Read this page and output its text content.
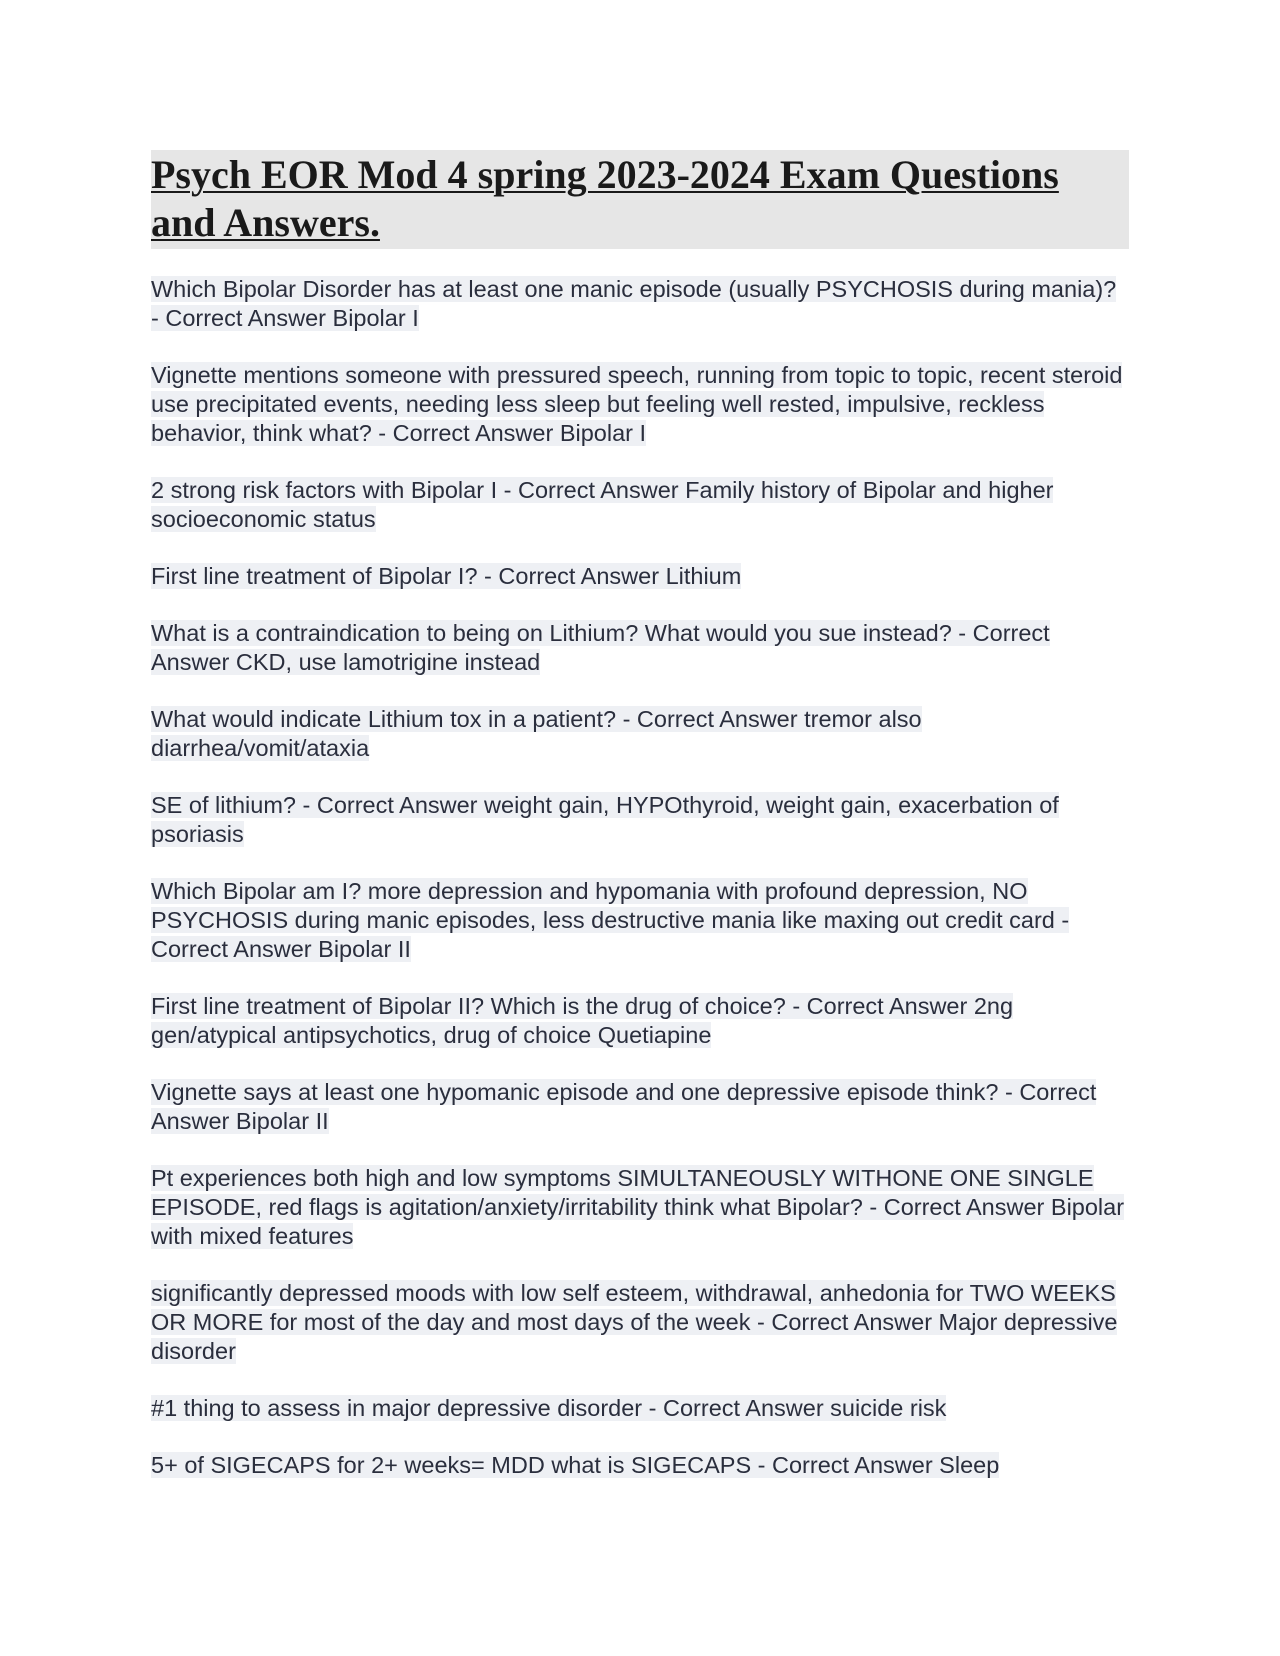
Psych EOR Mod 4 spring 2023-2024 Exam Questions and Answers.
Which Bipolar Disorder has at least one manic episode (usually PSYCHOSIS during mania)? - Correct Answer Bipolar I
Vignette mentions someone with pressured speech, running from topic to topic, recent steroid use precipitated events, needing less sleep but feeling well rested, impulsive, reckless behavior, think what? - Correct Answer Bipolar I
2 strong risk factors with Bipolar I - Correct Answer Family history of Bipolar and higher socioeconomic status
First line treatment of Bipolar I? - Correct Answer Lithium
What is a contraindication to being on Lithium? What would you sue instead? - Correct Answer CKD, use lamotrigine instead
What would indicate Lithium tox in a patient? - Correct Answer tremor also diarrhea/vomit/ataxia
SE of lithium? - Correct Answer weight gain, HYPOthyroid, weight gain, exacerbation of psoriasis
Which Bipolar am I? more depression and hypomania with profound depression, NO PSYCHOSIS during manic episodes, less destructive mania like maxing out credit card - Correct Answer Bipolar II
First line treatment of Bipolar II? Which is the drug of choice? - Correct Answer 2ng gen/atypical antipsychotics, drug of choice Quetiapine
Vignette says at least one hypomanic episode and one depressive episode think? - Correct Answer Bipolar II
Pt experiences both high and low symptoms SIMULTANEOUSLY WITHONE ONE SINGLE EPISODE, red flags is agitation/anxiety/irritability think what Bipolar? - Correct Answer Bipolar with mixed features
significantly depressed moods with low self esteem, withdrawal, anhedonia for TWO WEEKS OR MORE for most of the day and most days of the week - Correct Answer Major depressive disorder
#1 thing to assess in major depressive disorder - Correct Answer suicide risk
5+ of SIGECAPS for 2+ weeks= MDD what is SIGECAPS - Correct Answer Sleep
